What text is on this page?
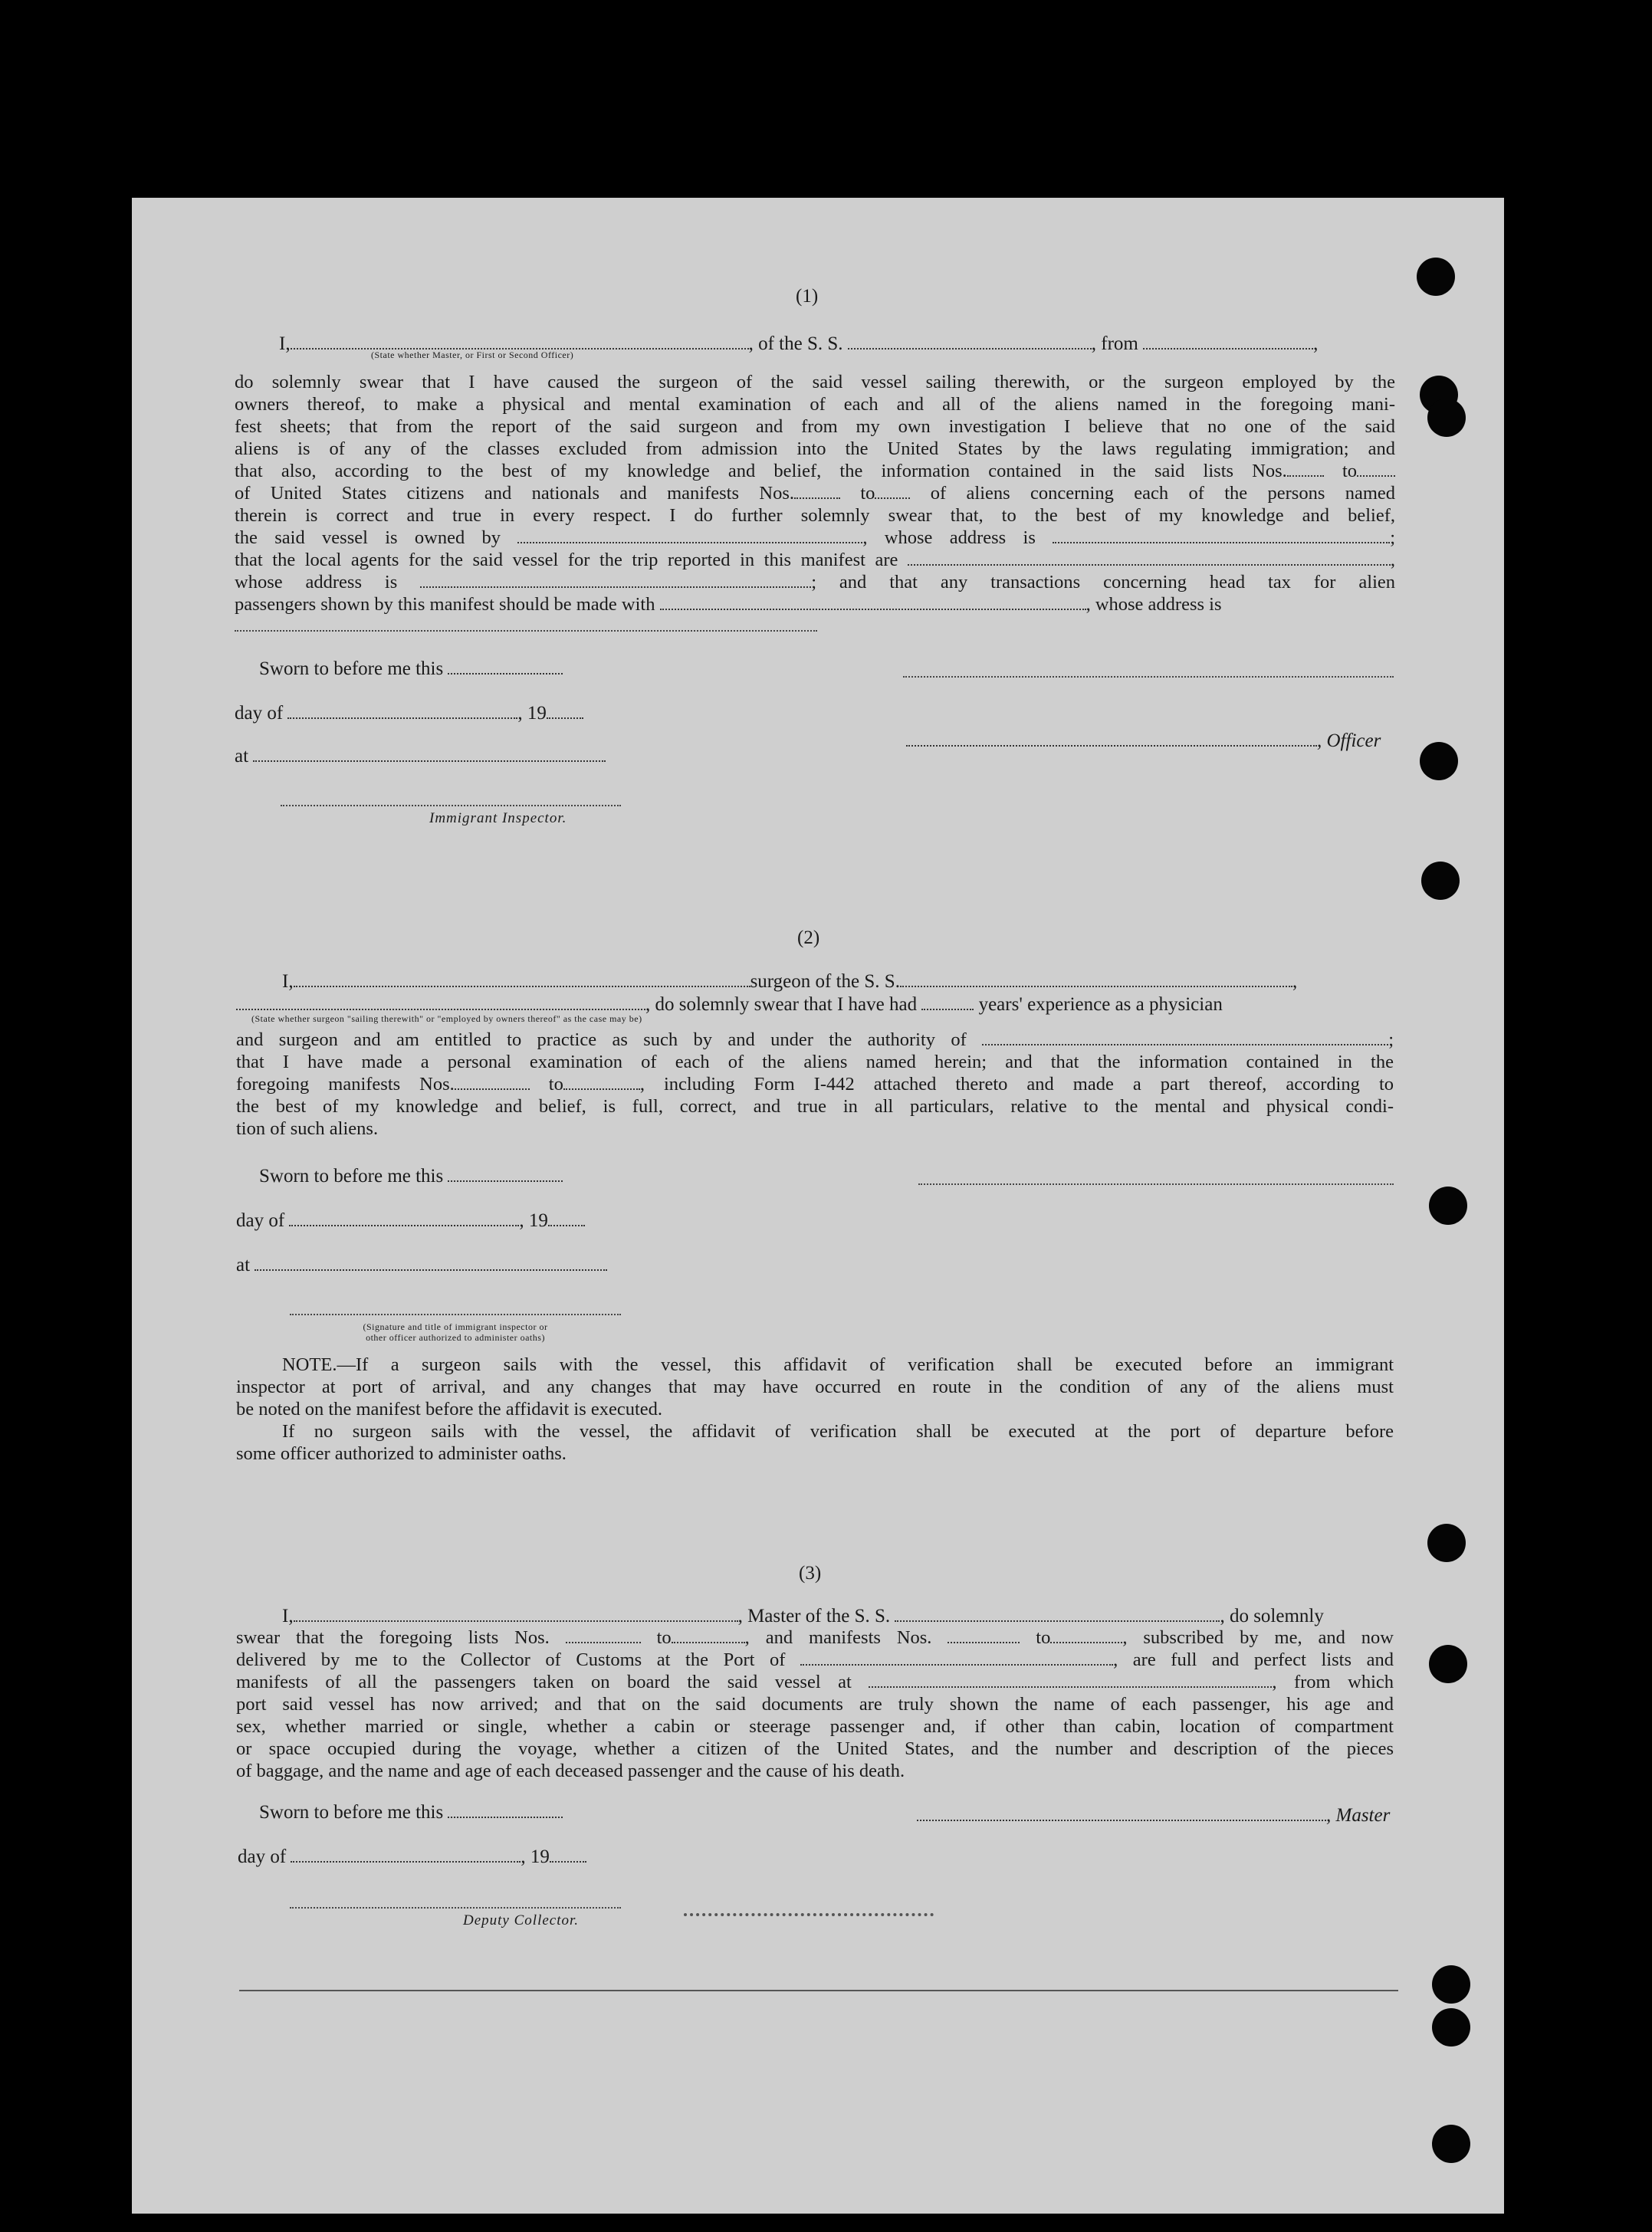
(1)
I,	, of the S. S.	, from	,
(State whether Master, or First or Second Officer)
do solemnly swear that I have caused the surgeon of the said vessel sailing therewith, or the surgeon employed by the
owners thereof, to make a physical and mental examination of each and all of the aliens named in the foregoing mani-
fest sheets; that from the report of the said surgeon and from my own investigation I believe that no one of the said
aliens is of any of the classes excluded from admission into the United States by the laws regulating immigration; and
that also, according to the best of my knowledge and belief, the information contained in the said lists Nos.	to
of United States citizens and nationals and manifests Nos.	to	of aliens concerning each of the persons named
therein is correct and true in every respect. I do further solemnly swear that, to the best of my knowledge and belief,
the said vessel is owned by	, whose address is	;
that the local agents for the said vessel for the trip reported in this manifest are	,
whose address is	; and that any transactions concerning head tax for alien
passengers shown by this manifest should be made with	, whose address is
Sworn to before me this
day of	, 19
, Officer
at
Immigrant Inspector.
(2)
I,	surgeon of the S. S.	,
, do solemnly swear that I have had	years' experience as a physician
(State whether surgeon "sailing therewith" or "employed by owners thereof" as the case may be)
and surgeon and am entitled to practice as such by and under the authority of	;
that I have made a personal examination of each of the aliens named herein; and that the information contained in the
foregoing manifests Nos.	to	, including Form I-442 attached thereto and made a part thereof, according to
the best of my knowledge and belief, is full, correct, and true in all particulars, relative to the mental and physical condi-
tion of such aliens.
Sworn to before me this
day of	, 19
at
(Signature and title of immigrant inspector or
other officer authorized to administer oaths)
NOTE.—If a surgeon sails with the vessel, this affidavit of verification shall be executed before an immigrant
inspector at port of arrival, and any changes that may have occurred en route in the condition of any of the aliens must
be noted on the manifest before the affidavit is executed.
If no surgeon sails with the vessel, the affidavit of verification shall be executed at the port of departure before
some officer authorized to administer oaths.
(3)
I,	, Master of the S. S.	, do solemnly
swear that the foregoing lists Nos.	to	, and manifests Nos.	to	, subscribed by me, and now
delivered by me to the Collector of Customs at the Port of	, are full and perfect lists and
manifests of all the passengers taken on board the said vessel at	, from which
port said vessel has now arrived; and that on the said documents are truly shown the name of each passenger, his age and
sex, whether married or single, whether a cabin or steerage passenger and, if other than cabin, location of compartment
or space occupied during the voyage, whether a citizen of the United States, and the number and description of the pieces
of baggage, and the name and age of each deceased passenger and the cause of his death.
Sworn to before me this	, Master
day of	, 19
Deputy Collector.
